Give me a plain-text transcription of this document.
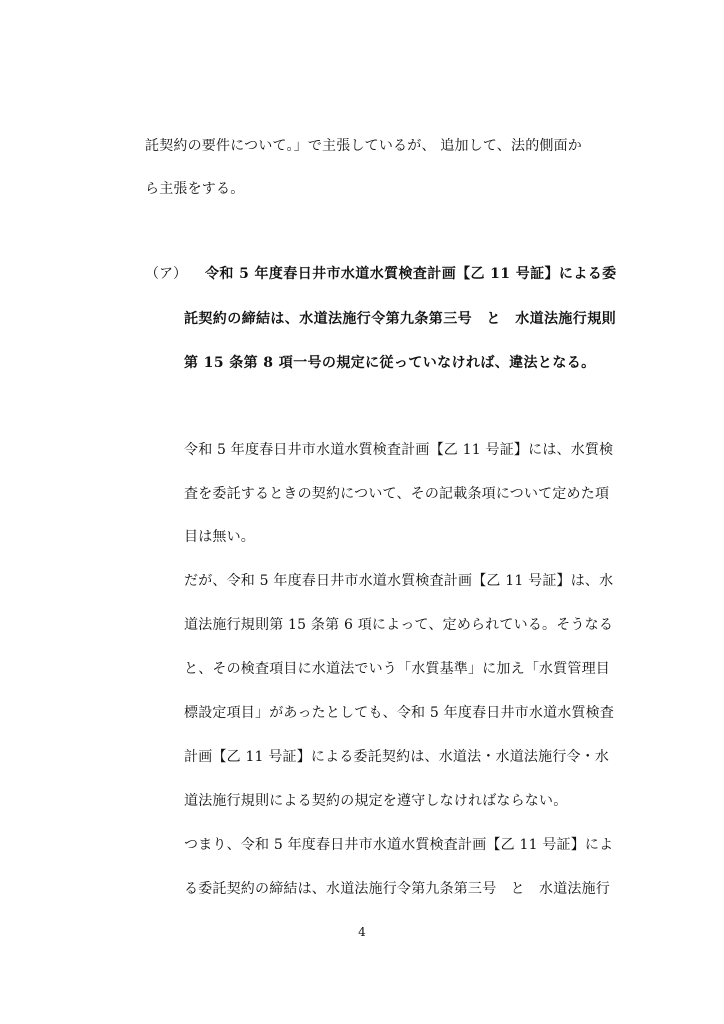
託契約の要件について。」で主張しているが、 追加して、法的側面か
ら主張をする。
（ア） 令和 5 年度春日井市水道水質検査計画【乙 11 号証】による委
託契約の締結は、水道法施行令第九条第三号　と　水道法施行規則
第 15 条第 8 項一号の規定に従っていなければ、違法となる。
令和 5 年度春日井市水道水質検査計画【乙 11 号証】には、水質検
査を委託するときの契約について、その記載条項について定めた項
目は無い。
だが、令和 5 年度春日井市水道水質検査計画【乙 11 号証】は、水
道法施行規則第 15 条第 6 項によって、定められている。そうなる
と、その検査項目に水道法でいう「水質基準」に加え「水質管理目
標設定項目」があったとしても、令和 5 年度春日井市水道水質検査
計画【乙 11 号証】による委託契約は、水道法・水道法施行令・水
道法施行規則による契約の規定を遵守しなければならない。
つまり、令和 5 年度春日井市水道水質検査計画【乙 11 号証】によ
る委託契約の締結は、水道法施行令第九条第三号　と　水道法施行
4
